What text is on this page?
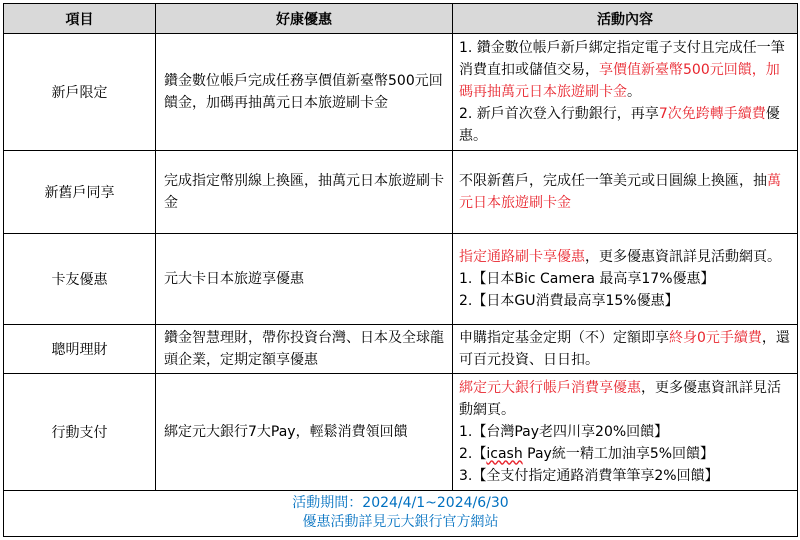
項目	好康優惠	活動內容
新戶限定	鑽金數位帳戶完成任務享價值新臺幣500元回饋金，加碼再抽萬元日本旅遊刷卡金	1. 鑽金數位帳戶新戶綁定指定電子支付且完成任一筆消費直扣或儲值交易，享價值新臺幣500元回饋，加碼再抽萬元日本旅遊刷卡金。
2. 新戶首次登入行動銀行，再享7次免跨轉手續費優惠。
新舊戶同享	完成指定幣別線上換匯，抽萬元日本旅遊刷卡金	不限新舊戶，完成任一筆美元或日圓線上換匯，抽萬元日本旅遊刷卡金
卡友優惠	元大卡日本旅遊享優惠	指定通路刷卡享優惠，更多優惠資訊詳見活動網頁。
1.【日本Bic Camera 最高享17%優惠】
2.【日本GU消費最高享15%優惠】

聰明理財	鑽金智慧理財，帶你投資台灣、日本及全球龍頭企業，定期定額享優惠	申購指定基金定期（不）定額即享終身0元手續費，還可百元投資、日日扣。
行動支付	綁定元大銀行7大Pay，輕鬆消費領回饋	綁定元大銀行帳戶消費享優惠，更多優惠資訊詳見活動網頁。
1.【台灣Pay老四川享20%回饋】
2.【icash Pay統一精工加油享5%回饋】
3.【全支付指定通路消費筆筆享2%回饋】

活動期間：2024/4/1~2024/6/30
優惠活動詳見元大銀行官方網站		
